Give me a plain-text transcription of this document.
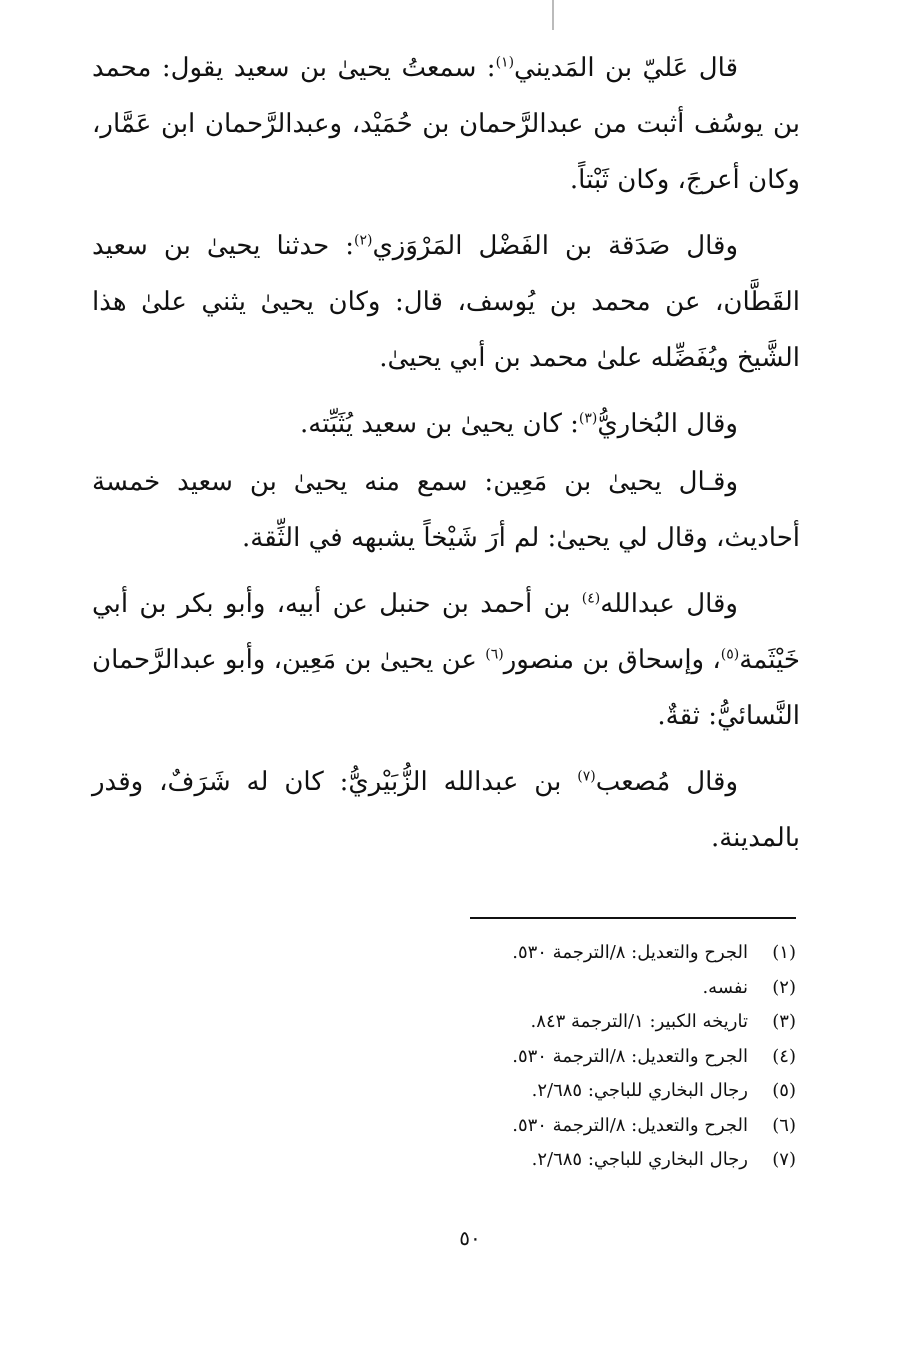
قال عَليّ بن المَديني$^{(١)}$: سمعتُ يحيىٰ بن سعيد يقول: محمد بن يوسُف أثبت من عبدالرَّحمان بن حُمَيْد، وعبدالرَّحمان ابن عَمَّار، وكان أعرجَ، وكان ثَبْتاً.

وقال صَدَقة بن الفَضْل المَرْوَزي$^{(٢)}$: حدثنا يحيىٰ بن سعيد القَطَّان، عن محمد بن يُوسف، قال: وكان يحيىٰ يثني علىٰ هذا الشَّيخ ويُفَضِّله علىٰ محمد بن أبي يحيىٰ.

وقال البُخاريُّ$^{(٣)}$: كان يحيىٰ بن سعيد يُثَبِّته.

وقـال يحيىٰ بن مَعِين: سمع منه يحيىٰ بن سعيد خمسة أحاديث، وقال لي يحيىٰ: لم أرَ شَيْخاً يشبهه في الثِّقة.

وقال عبدالله$^{(٤)}$ بن أحمد بن حنبل عن أبيه، وأبو بكر بن أبي خَيْثَمة$^{(٥)}$، وإسحاق بن منصور$^{(٦)}$ عن يحيىٰ بن مَعِين، وأبو عبدالرَّحمان النَّسائيُّ: ثقةٌ.

وقال مُصعب$^{(٧)}$ بن عبدالله الزُّبَيْريُّ: كان له شَرَفٌ، وقدر بالمدينة.

(١)
الجرح والتعديل: ٨/الترجمة ٥٣٠.
(٢)
نفسه.
(٣)
تاريخه الكبير: ١/الترجمة ٨٤٣.
(٤)
الجرح والتعديل: ٨/الترجمة ٥٣٠.
(٥)
رجال البخاري للباجي: ٢/٦٨٥.
(٦)
الجرح والتعديل: ٨/الترجمة ٥٣٠.
(٧)
رجال البخاري للباجي: ٢/٦٨٥.
٥٠
